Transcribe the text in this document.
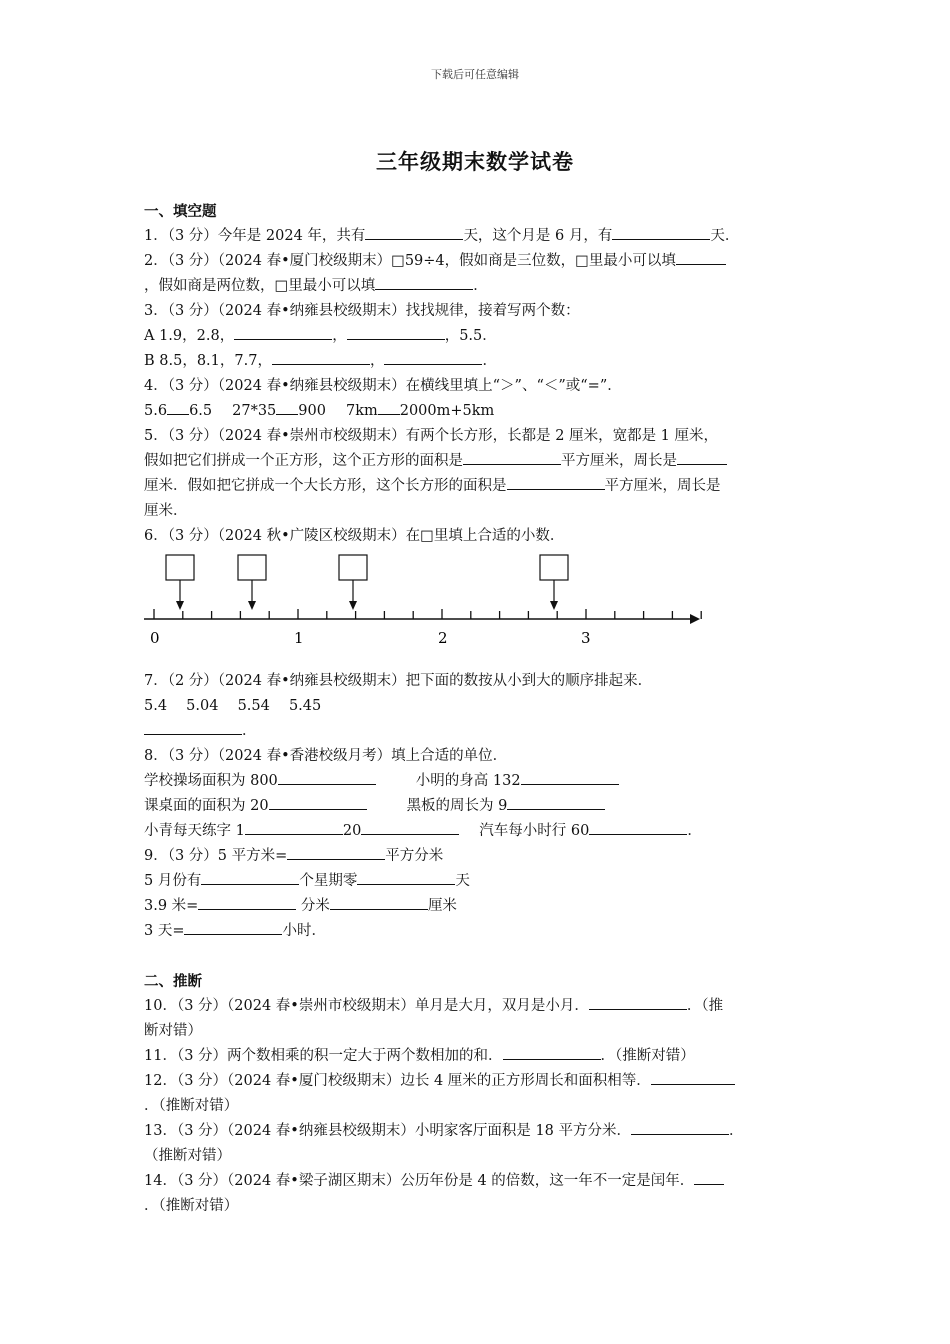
下载后可任意编辑
三年级期末数学试卷
一、填空题
1．（3 分）今年是 2024 年，共有	天，这个月是 6 月，有	天．
2．（3 分）（2024 春•厦门校级期末）□59÷4，假如商是三位数，□里最小可以填
，假如商是两位数，□里最小可以填	．
3．（3 分）（2024 春•纳雍县校级期末）找找规律，接着写两个数：
A 1.9，2.8，	，	，5.5．
B 8.5，8.1，7.7，	，	．
4．（3 分）（2024 春•纳雍县校级期末）在横线里填上“＞”、“＜”或“=”．
5.6 6.5 27*35 900 7km 2000m+5km
5．（3 分）（2024 春•崇州市校级期末）有两个长方形，长都是 2 厘米，宽都是 1 厘米，
假如把它们拼成一个正方形，这个正方形的面积是	平方厘米，周长是
厘米．假如把它拼成一个大长方形，这个长方形的面积是	平方厘米，周长是
厘米．
6．（3 分）（2024 秋•广陵区校级期末）在□里填上合适的小数．
0	1	2	3
7．（2 分）（2024 春•纳雍县校级期末）把下面的数按从小到大的顺序排起来．
5.4　 5.04　 5.54　 5.45
．
8．（3 分）（2024 春•香港校级月考）填上合适的单位．
学校操场面积为 800	小明的身高 132
课桌面的面积为 20	黑板的周长为 9
小青每天练字 1	20	汽车每小时行 60	．
9．（3 分）5 平方米=	平方分米
5 月份有	个星期零	天
3.9 米=	分米	厘米
3 天=	小时．
二、推断
10．（3 分）（2024 春•崇州市校级期末）单月是大月，双月是小月．	．（推
断对错）
11．（3 分）两个数相乘的积一定大于两个数相加的和．	．（推断对错）
12．（3 分）（2024 春•厦门校级期末）边长 4 厘米的正方形周长和面积相等．
．（推断对错）
13．（3 分）（2024 春•纳雍县校级期末）小明家客厅面积是 18 平方分米．	．
（推断对错）
14．（3 分）（2024 春•梁子湖区期末）公历年份是 4 的倍数，这一年不一定是闰年．
．（推断对错）
